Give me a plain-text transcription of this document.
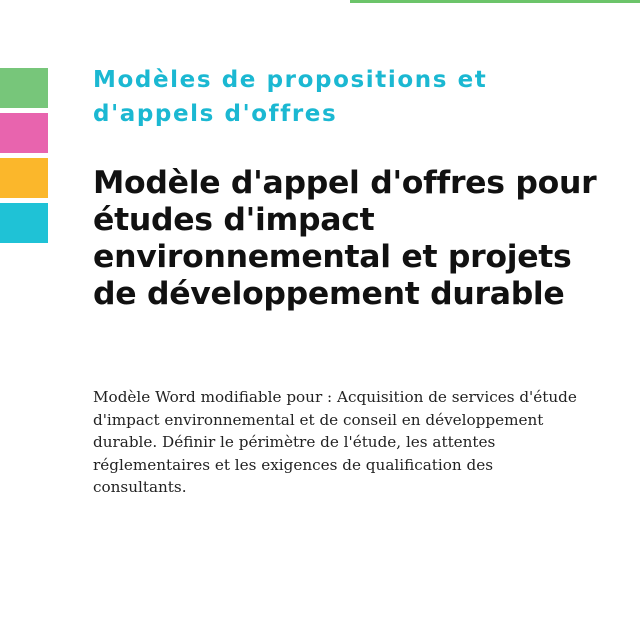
Modèles de propositions et d'appels d'offres
Modèle d'appel d'offres pour études d'impact environnemental et projets de développement durable
Modèle Word modifiable pour : Acquisition de services d'étude d'impact environnemental et de conseil en développement durable. Définir le périmètre de l'étude, les attentes réglementaires et les exigences de qualification des consultants.
